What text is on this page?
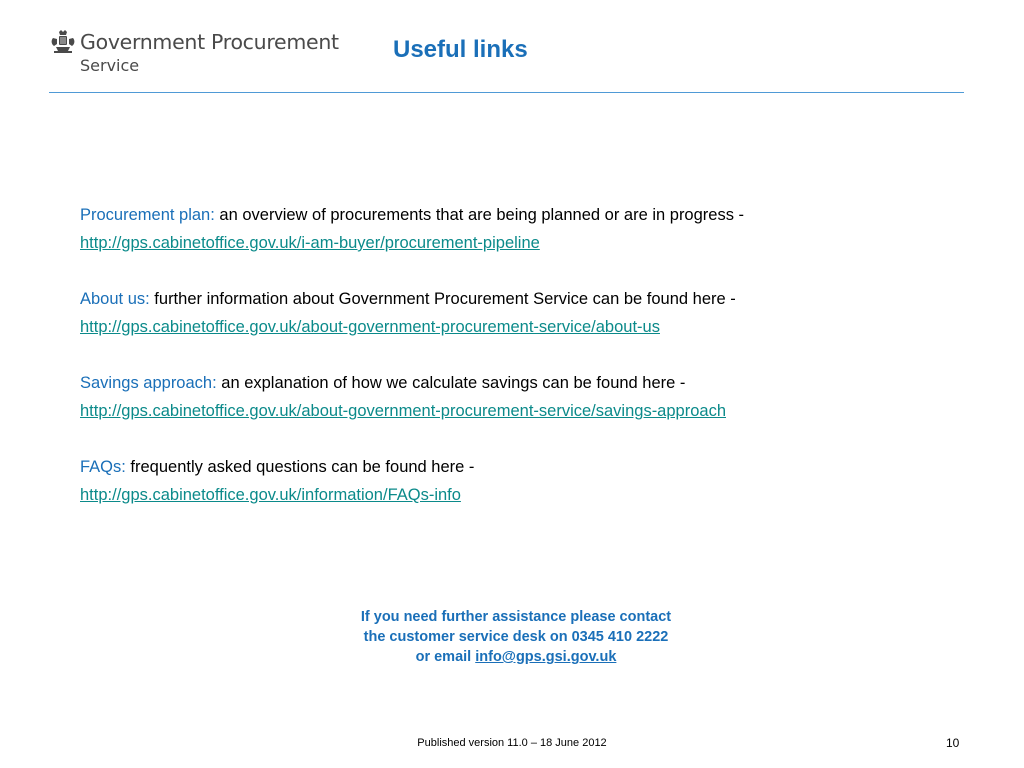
Government Procurement
Service
Useful links
Procurement plan: an overview of procurements that are being planned or are in progress -
http://gps.cabinetoffice.gov.uk/i-am-buyer/procurement-pipeline
About us: further information about Government Procurement Service can be found here -
http://gps.cabinetoffice.gov.uk/about-government-procurement-service/about-us
Savings approach: an explanation of how we calculate savings can be found here -
http://gps.cabinetoffice.gov.uk/about-government-procurement-service/savings-approach
FAQs: frequently asked questions can be found here -
http://gps.cabinetoffice.gov.uk/information/FAQs-info
If you need further assistance please contact
the customer service desk on 0345 410 2222
or email info@gps.gsi.gov.uk
Published version 11.0 – 18 June 2012	10
